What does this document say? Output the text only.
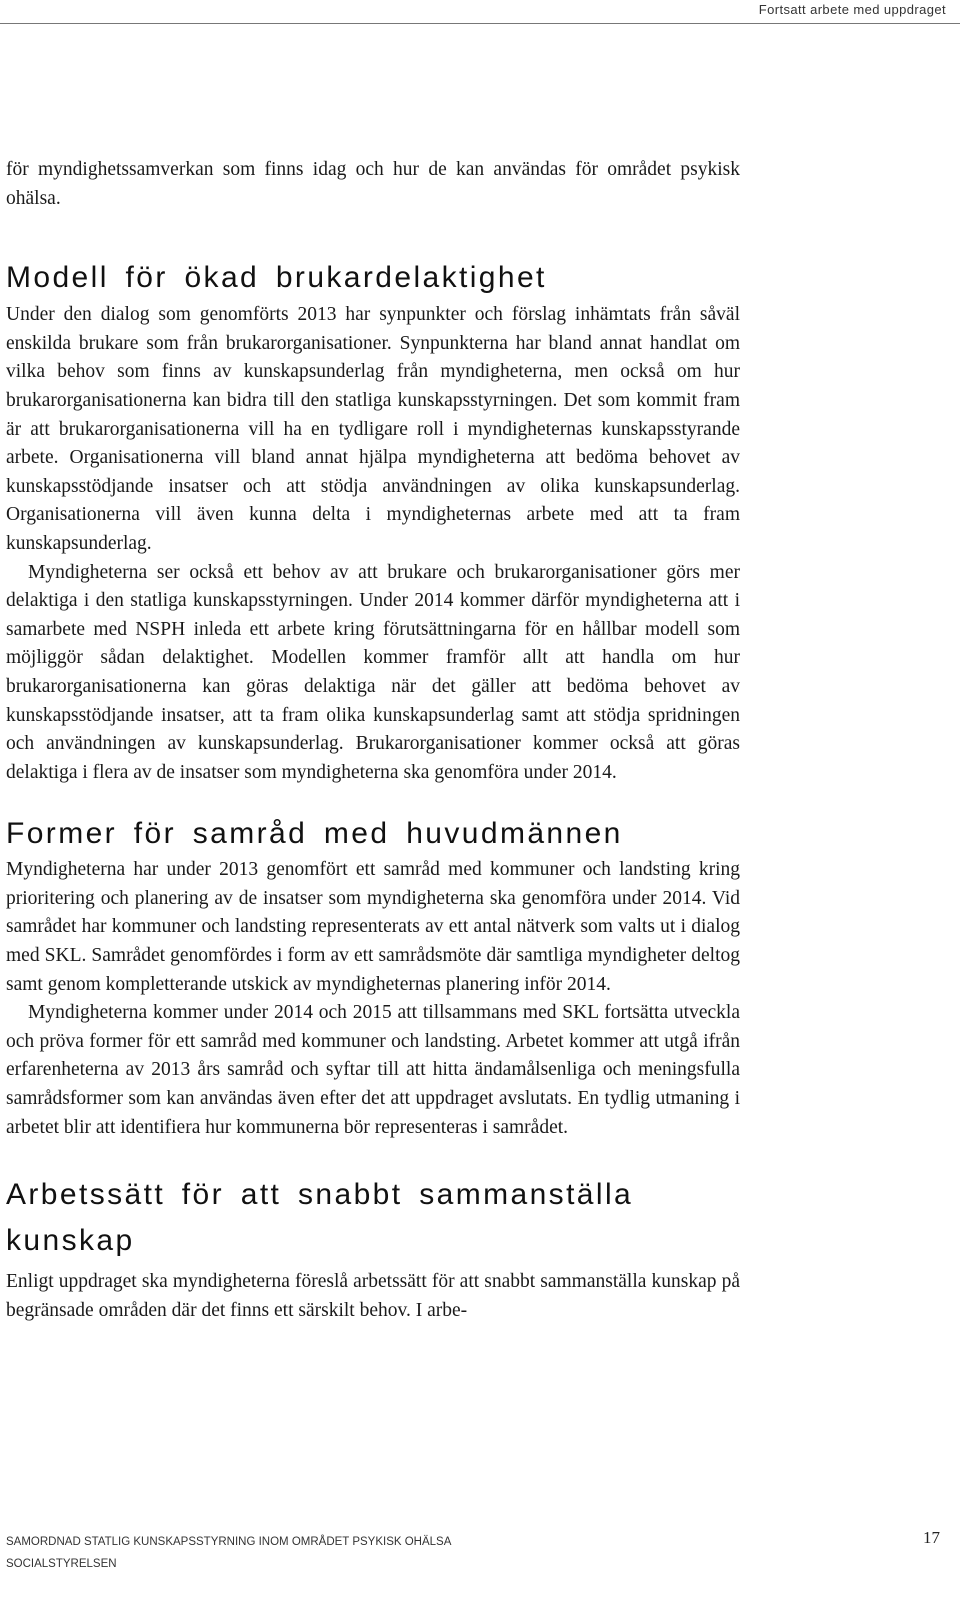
Fortsatt arbete med uppdraget

för myndighetssamverkan som finns idag och hur de kan användas för området psykisk ohälsa.

Modell för ökad brukardelaktighet

Under den dialog som genomförts 2013 har synpunkter och förslag inhämtats från såväl enskilda brukare som från brukarorganisationer. Synpunkterna har bland annat handlat om vilka behov som finns av kunskapsunderlag från myndigheterna, men också om hur brukarorganisationerna kan bidra till den statliga kunskapsstyrningen. Det som kommit fram är att brukarorganisationerna vill ha en tydligare roll i myndigheternas kunskapsstyrande arbete. Organisationerna vill bland annat hjälpa myndigheterna att bedöma behovet av kunskapsstödjande insatser och att stödja användningen av olika kunskapsunderlag. Organisationerna vill även kunna delta i myndigheternas arbete med att ta fram kunskapsunderlag.

Myndigheterna ser också ett behov av att brukare och brukarorganisationer görs mer delaktiga i den statliga kunskapsstyrningen. Under 2014 kommer därför myndigheterna att i samarbete med NSPH inleda ett arbete kring förutsättningarna för en hållbar modell som möjliggör sådan delaktighet. Modellen kommer framför allt att handla om hur brukarorganisationerna kan göras delaktiga när det gäller att bedöma behovet av kunskapsstödjande insatser, att ta fram olika kunskapsunderlag samt att stödja spridningen och användningen av kunskapsunderlag. Brukarorganisationer kommer också att göras delaktiga i flera av de insatser som myndigheterna ska genomföra under 2014.

Former för samråd med huvudmännen

Myndigheterna har under 2013 genomfört ett samråd med kommuner och landsting kring prioritering och planering av de insatser som myndigheterna ska genomföra under 2014. Vid samrådet har kommuner och landsting representerats av ett antal nätverk som valts ut i dialog med SKL. Samrådet genomfördes i form av ett samrådsmöte där samtliga myndigheter deltog samt genom kompletterande utskick av myndigheternas planering inför 2014.

Myndigheterna kommer under 2014 och 2015 att tillsammans med SKL fortsätta utveckla och pröva former för ett samråd med kommuner och landsting. Arbetet kommer att utgå ifrån erfarenheterna av 2013 års samråd och syftar till att hitta ändamålsenliga och meningsfulla samrådsformer som kan användas även efter det att uppdraget avslutats. En tydlig utmaning i arbetet blir att identifiera hur kommunerna bör representeras i samrådet.

Arbetssätt för att snabbt sammanställa kunskap

Enligt uppdraget ska myndigheterna föreslå arbetssätt för att snabbt sammanställa kunskap på begränsade områden där det finns ett särskilt behov. I arbe-

SAMORDNAD STATLIG KUNSKAPSSTYRNING INOM OMRÅDET PSYKISK OHÄLSA
SOCIALSTYRELSEN
17
